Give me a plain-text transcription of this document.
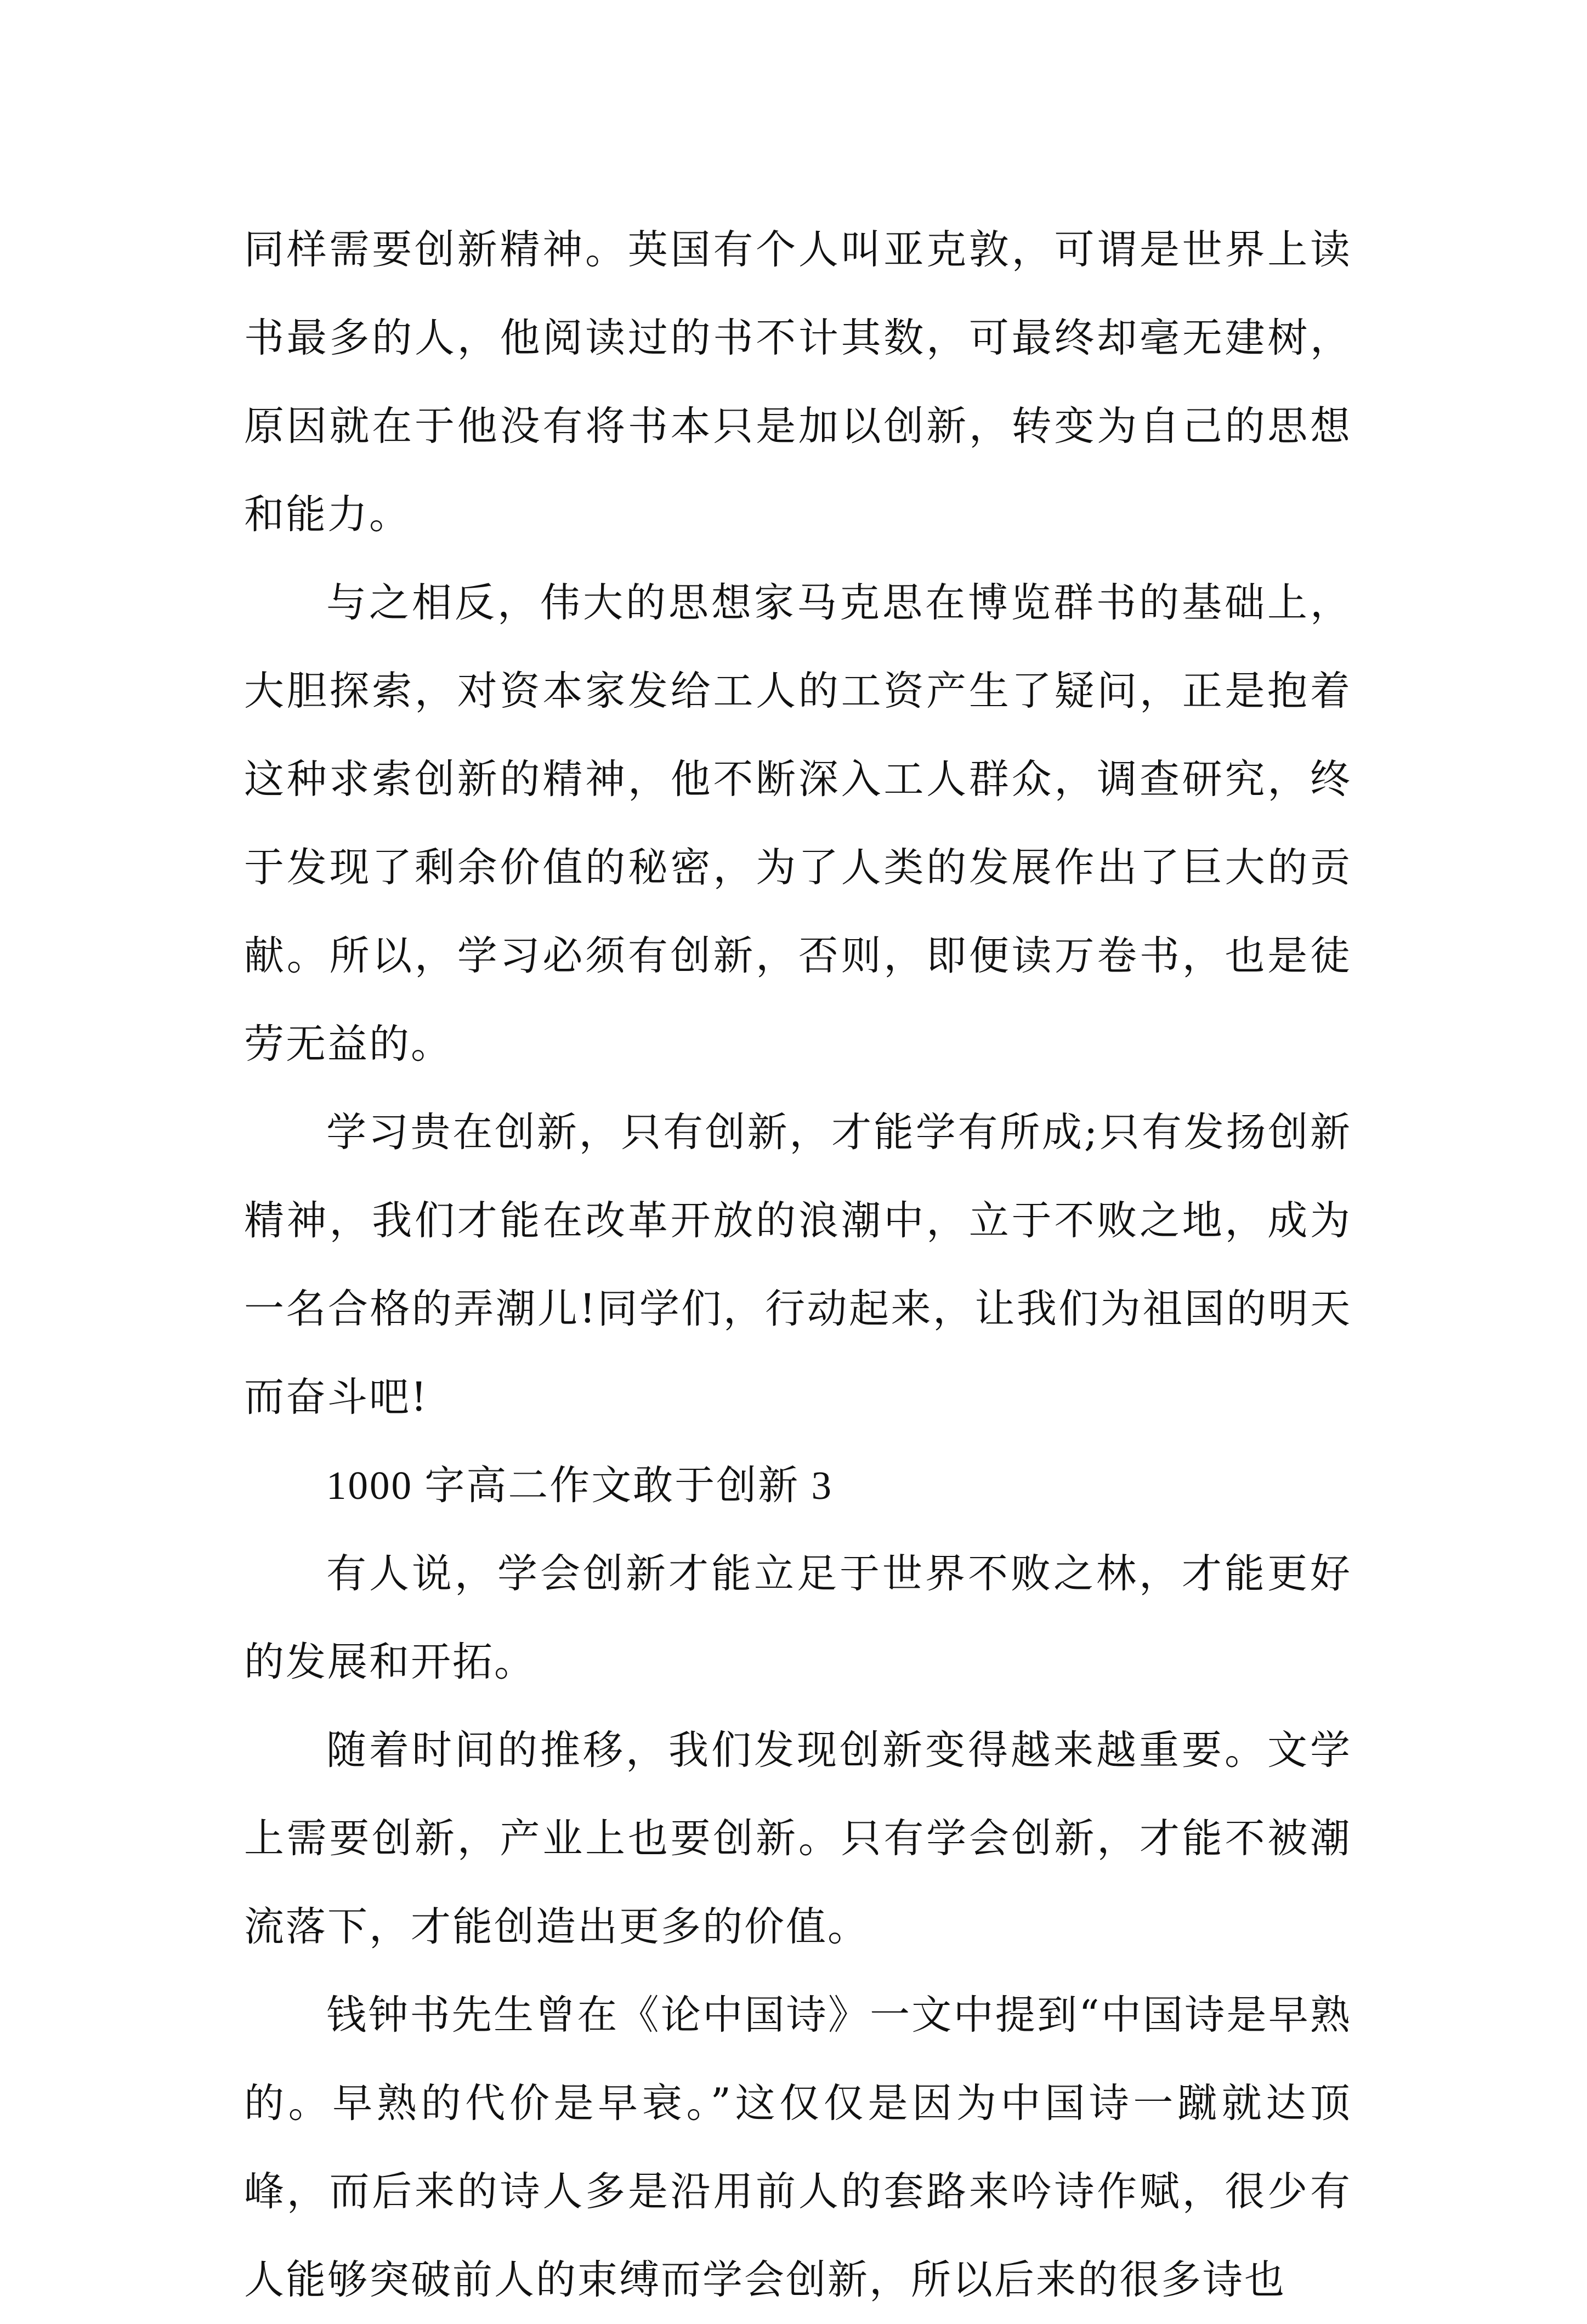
同样需要创新精神。英国有个人叫亚克敦，可谓是世界上读书最多的人，他阅读过的书不计其数，可最终却毫无建树，原因就在于他没有将书本只是加以创新，转变为自己的思想和能力。

与之相反，伟大的思想家马克思在博览群书的基础上，大胆探索，对资本家发给工人的工资产生了疑问，正是抱着这种求索创新的精神，他不断深入工人群众，调查研究，终于发现了剩余价值的秘密，为了人类的发展作出了巨大的贡献。所以，学习必须有创新，否则，即便读万卷书，也是徒劳无益的。

学习贵在创新，只有创新，才能学有所成;只有发扬创新精神，我们才能在改革开放的浪潮中，立于不败之地，成为一名合格的弄潮儿!同学们，行动起来，让我们为祖国的明天而奋斗吧!

1000 字高二作文敢于创新 3

有人说，学会创新才能立足于世界不败之林，才能更好的发展和开拓。

随着时间的推移，我们发现创新变得越来越重要。文学上需要创新，产业上也要创新。只有学会创新，才能不被潮流落下，才能创造出更多的价值。

钱钟书先生曾在《论中国诗》一文中提到“中国诗是早熟的。早熟的代价是早衰。”这仅仅是因为中国诗一蹴就达顶峰，而后来的诗人多是沿用前人的套路来吟诗作赋，很少有人能够突破前人的束缚而学会创新，所以后来的很多诗也
